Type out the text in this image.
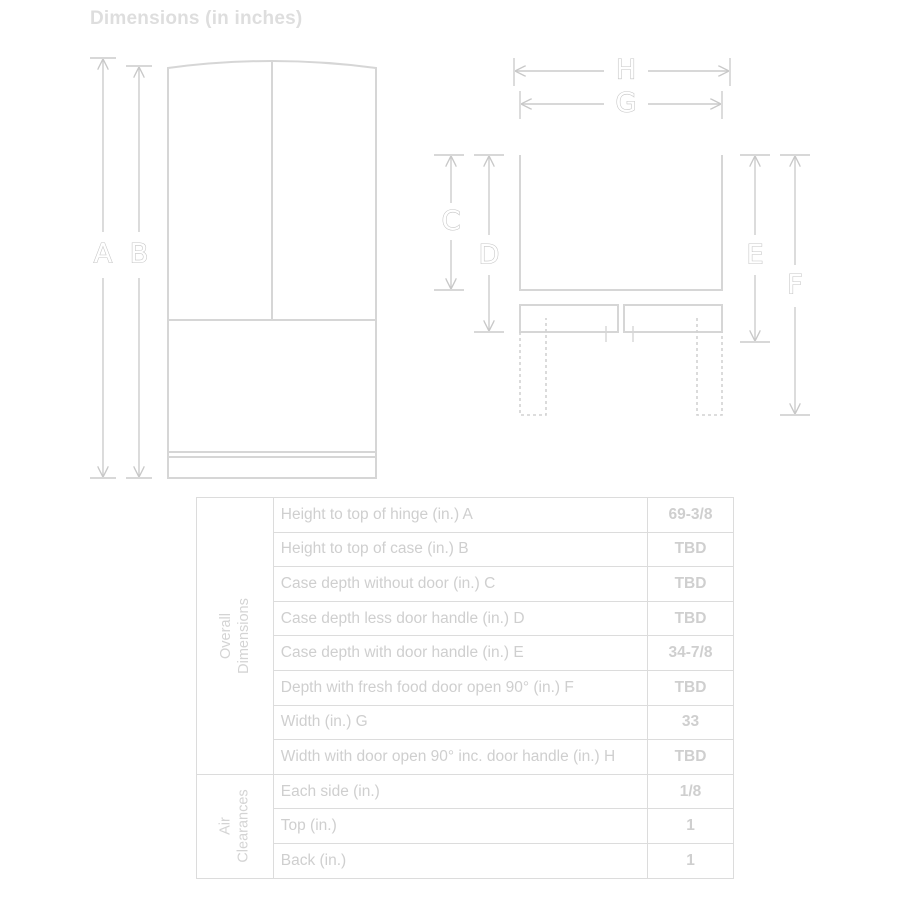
Dimensions (in inches)
A B
H
G
C
D	E
F
Overall Dimensions	Height to top of hinge (in.) A	69-3/8
	Height to top of case (in.) B	TBD
	Case depth without door (in.) C	TBD
	Case depth less door handle (in.) D	TBD
	Case depth with door handle (in.) E	34-7/8
	Depth with fresh food door open 90° (in.) F	TBD
	Width (in.) G	33
	Width with door open 90° inc. door handle (in.) H	TBD
Air Clearances	Each side (in.)	1/8
	Top (in.)	1
	Back (in.)	1
